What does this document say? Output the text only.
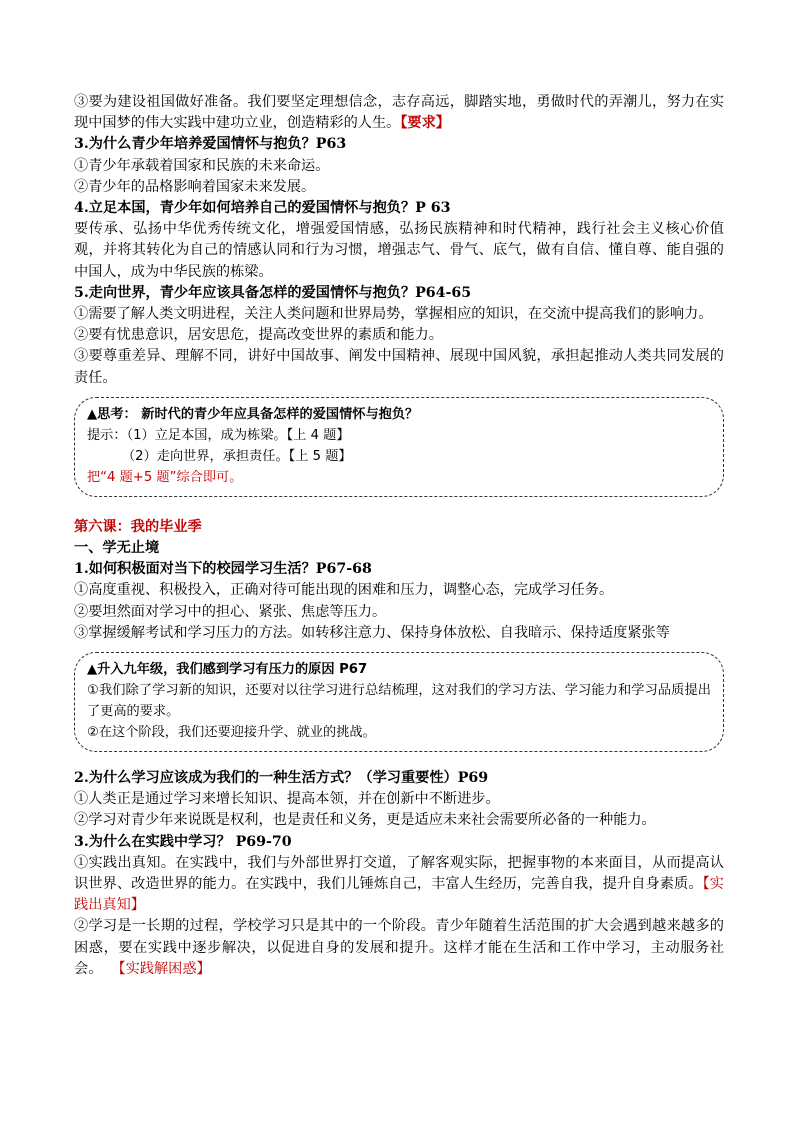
③要为建设祖国做好准备。我们要坚定理想信念，志存高远，脚踏实地，勇做时代的弄潮儿，努力在实现中国梦的伟大实践中建功立业，创造精彩的人生。【要求】
3.为什么青少年培养爱国情怀与抱负？P63
①青少年承载着国家和民族的未来命运。
②青少年的品格影响着国家未来发展。
4.立足本国，青少年如何培养自己的爱国情怀与抱负？P 63
要传承、弘扬中华优秀传统文化，增强爱国情感，弘扬民族精神和时代精神，践行社会主义核心价值观，并将其转化为自己的情感认同和行为习惯，增强志气、骨气、底气，做有自信、懂自尊、能自强的中国人，成为中华民族的栋梁。
5.走向世界，青少年应该具备怎样的爱国情怀与抱负？P64-65
①需要了解人类文明进程，关注人类问题和世界局势，掌握相应的知识，在交流中提高我们的影响力。
②要有忧患意识，居安思危，提高改变世界的素质和能力。
③要尊重差异、理解不同，讲好中国故事、阐发中国精神、展现中国风貌，承担起推动人类共同发展的责任。
▲思考： 新时代的青少年应具备怎样的爱国情怀与抱负？
提示：（1）立足本国，成为栋梁。【上 4 题】
（2）走向世界，承担责任。【上 5 题】
把“4 题+5 题”综合即可。
第六课：我的毕业季
一、学无止境
1.如何积极面对当下的校园学习生活？P67-68
①高度重视、积极投入，正确对待可能出现的困难和压力，调整心态，完成学习任务。
②要坦然面对学习中的担心、紧张、焦虑等压力。
③掌握缓解考试和学习压力的方法。如转移注意力、保持身体放松、自我暗示、保持适度紧张等
▲升入九年级，我们感到学习有压力的原因 P67
①我们除了学习新的知识，还要对以往学习进行总结梳理，这对我们的学习方法、学习能力和学习品质提出了更高的要求。
②在这个阶段，我们还要迎接升学、就业的挑战。
2.为什么学习应该成为我们的一种生活方式？（学习重要性）P69
①人类正是通过学习来增长知识、提高本领，并在创新中不断进步。
②学习对青少年来说既是权利，也是责任和义务，更是适应未来社会需要所必备的一种能力。
3.为什么在实践中学习？ P69-70
①实践出真知。在实践中，我们与外部世界打交道，了解客观实际，把握事物的本来面目，从而提高认识世界、改造世界的能力。在实践中，我们儿锤炼自己，丰富人生经历，完善自我，提升自身素质。【实践出真知】
②学习是一长期的过程，学校学习只是其中的一个阶段。青少年随着生活范围的扩大会遇到越来越多的困惑，要在实践中逐步解决，以促进自身的发展和提升。这样才能在生活和工作中学习，主动服务社会。 【实践解困惑】
